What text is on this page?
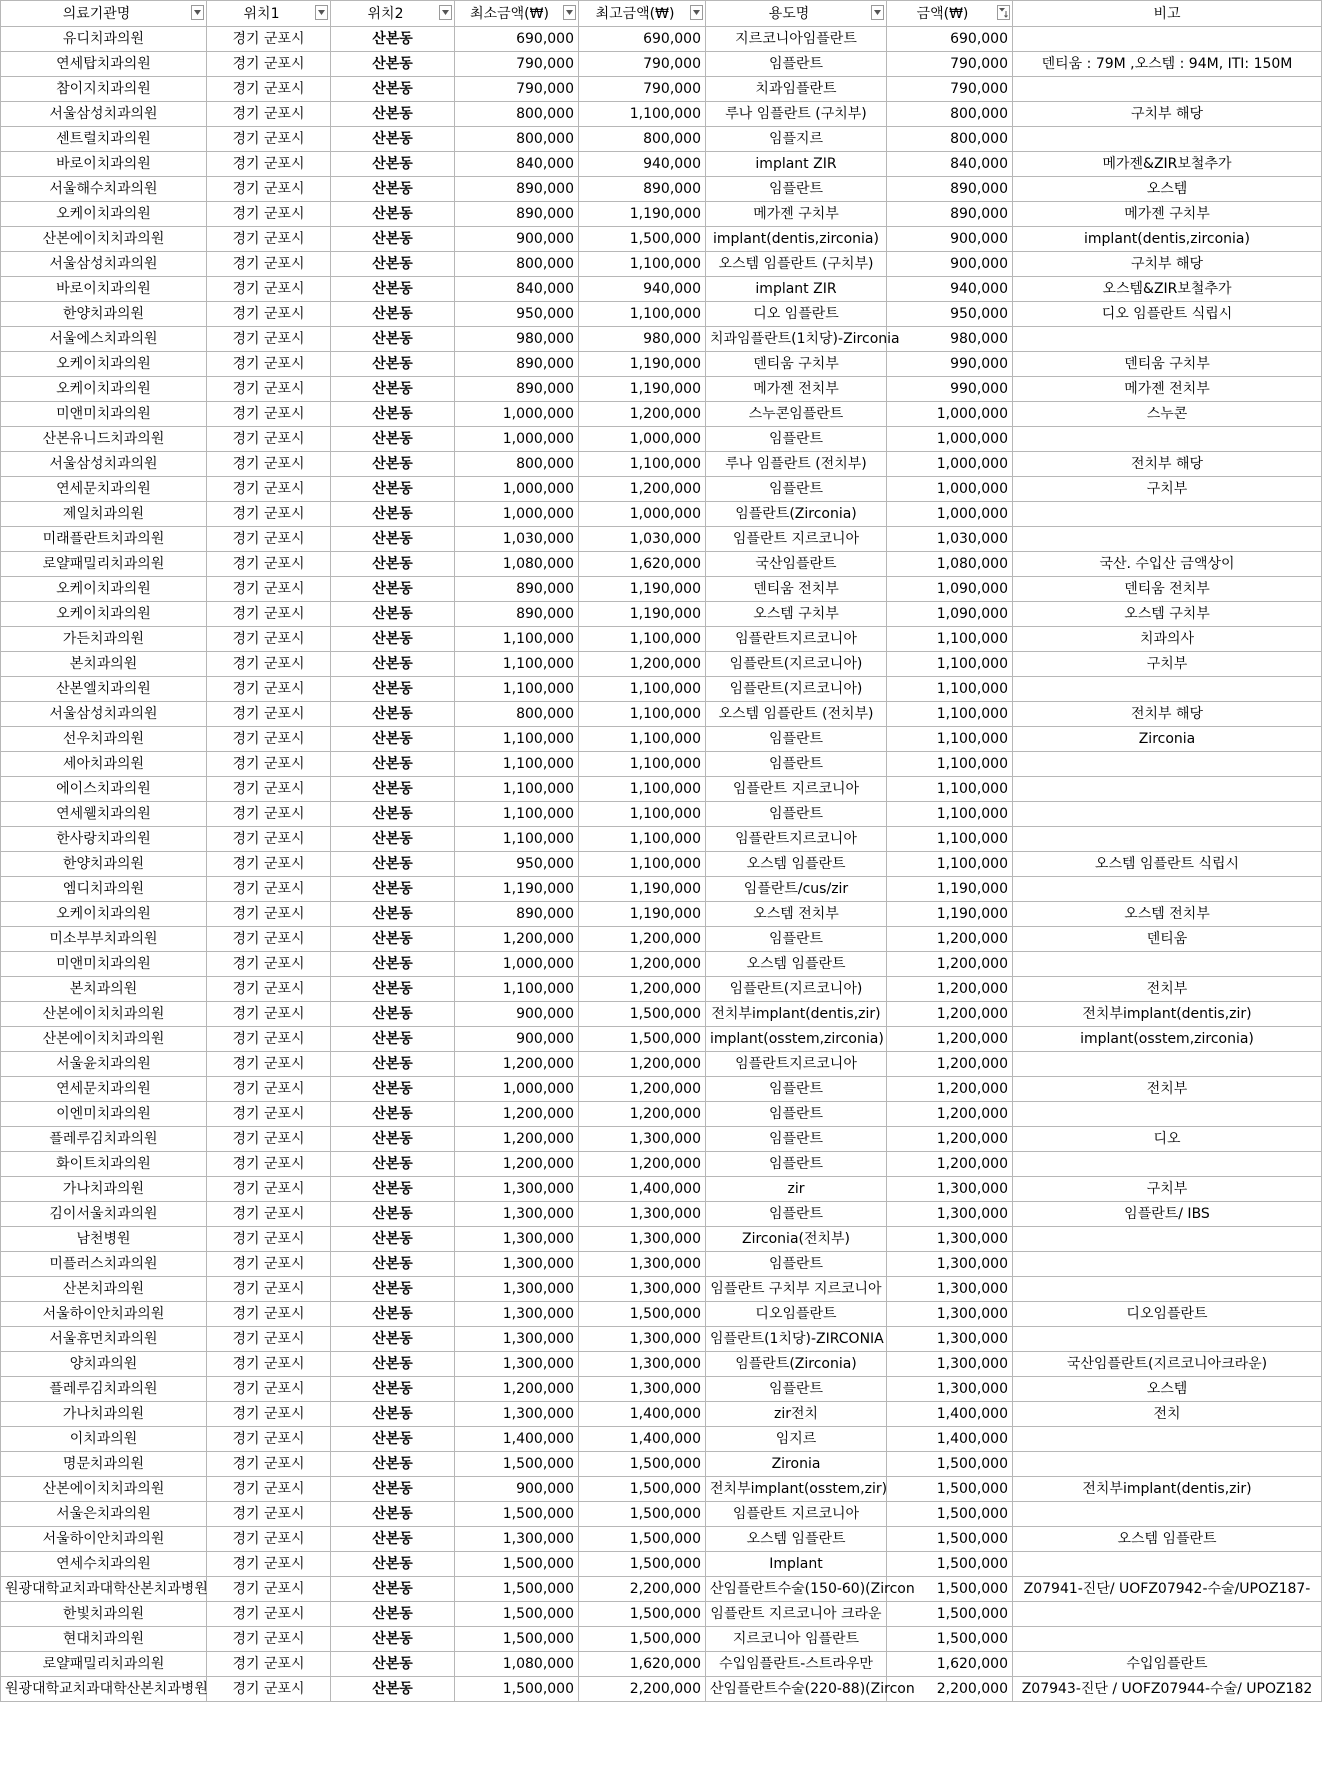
의료기관명	위치1	위치2	최소금액(₩)	최고금액(₩)	용도명	금액(₩)	비고
유디치과의원	경기 군포시	산본동	690,000	690,000	지르코니아임플란트	690,000	
연세탑치과의원	경기 군포시	산본동	790,000	790,000	임플란트	790,000	덴티움 : 79M ,오스템 : 94M, ITI: 150M
참이지치과의원	경기 군포시	산본동	790,000	790,000	치과임플란트	790,000	
서울삼성치과의원	경기 군포시	산본동	800,000	1,100,000	루나 임플란트 (구치부)	800,000	구치부 해당
센트럴치과의원	경기 군포시	산본동	800,000	800,000	임플지르	800,000	
바로이치과의원	경기 군포시	산본동	840,000	940,000	implant ZIR	840,000	메가젠&ZIR보철추가
서울해수치과의원	경기 군포시	산본동	890,000	890,000	임플란트	890,000	오스템
오케이치과의원	경기 군포시	산본동	890,000	1,190,000	메가젠 구치부	890,000	메가젠 구치부
산본에이치치과의원	경기 군포시	산본동	900,000	1,500,000	implant(dentis,zirconia)	900,000	implant(dentis,zirconia)
서울삼성치과의원	경기 군포시	산본동	800,000	1,100,000	오스템 임플란트 (구치부)	900,000	구치부 해당
바로이치과의원	경기 군포시	산본동	840,000	940,000	implant ZIR	940,000	오스템&ZIR보철추가
한양치과의원	경기 군포시	산본동	950,000	1,100,000	디오 임플란트	950,000	디오 임플란트 식립시
서울에스치과의원	경기 군포시	산본동	980,000	980,000	치과임플란트(1치당)-Zirconia	980,000	
오케이치과의원	경기 군포시	산본동	890,000	1,190,000	덴티움 구치부	990,000	덴티움 구치부
오케이치과의원	경기 군포시	산본동	890,000	1,190,000	메가젠 전치부	990,000	메가젠 전치부
미앤미치과의원	경기 군포시	산본동	1,000,000	1,200,000	스누콘임플란트	1,000,000	스누콘
산본유니드치과의원	경기 군포시	산본동	1,000,000	1,000,000	임플란트	1,000,000	
서울삼성치과의원	경기 군포시	산본동	800,000	1,100,000	루나 임플란트 (전치부)	1,000,000	전치부 해당
연세문치과의원	경기 군포시	산본동	1,000,000	1,200,000	임플란트	1,000,000	구치부
제일치과의원	경기 군포시	산본동	1,000,000	1,000,000	임플란트(Zirconia)	1,000,000	
미래플란트치과의원	경기 군포시	산본동	1,030,000	1,030,000	임플란트 지르코니아	1,030,000	
로얄패밀리치과의원	경기 군포시	산본동	1,080,000	1,620,000	국산임플란트	1,080,000	국산. 수입산 금액상이
오케이치과의원	경기 군포시	산본동	890,000	1,190,000	덴티움 전치부	1,090,000	덴티움 전치부
오케이치과의원	경기 군포시	산본동	890,000	1,190,000	오스템 구치부	1,090,000	오스템 구치부
가든치과의원	경기 군포시	산본동	1,100,000	1,100,000	임플란트지르코니아	1,100,000	치과의사
본치과의원	경기 군포시	산본동	1,100,000	1,200,000	임플란트(지르코니아)	1,100,000	구치부
산본엘치과의원	경기 군포시	산본동	1,100,000	1,100,000	임플란트(지르코니아)	1,100,000	
서울삼성치과의원	경기 군포시	산본동	800,000	1,100,000	오스템 임플란트 (전치부)	1,100,000	전치부 해당
선우치과의원	경기 군포시	산본동	1,100,000	1,100,000	임플란트	1,100,000	Zirconia
세아치과의원	경기 군포시	산본동	1,100,000	1,100,000	임플란트	1,100,000	
에이스치과의원	경기 군포시	산본동	1,100,000	1,100,000	임플란트 지르코니아	1,100,000	
연세웰치과의원	경기 군포시	산본동	1,100,000	1,100,000	임플란트	1,100,000	
한사랑치과의원	경기 군포시	산본동	1,100,000	1,100,000	임플란트지르코니아	1,100,000	
한양치과의원	경기 군포시	산본동	950,000	1,100,000	오스템 임플란트	1,100,000	오스템 임플란트 식립시
엠디치과의원	경기 군포시	산본동	1,190,000	1,190,000	임플란트/cus/zir	1,190,000	
오케이치과의원	경기 군포시	산본동	890,000	1,190,000	오스템 전치부	1,190,000	오스템 전치부
미소부부치과의원	경기 군포시	산본동	1,200,000	1,200,000	임플란트	1,200,000	덴티움
미앤미치과의원	경기 군포시	산본동	1,000,000	1,200,000	오스템 임플란트	1,200,000	
본치과의원	경기 군포시	산본동	1,100,000	1,200,000	임플란트(지르코니아)	1,200,000	전치부
산본에이치치과의원	경기 군포시	산본동	900,000	1,500,000	전치부implant(dentis,zir)	1,200,000	전치부implant(dentis,zir)
산본에이치치과의원	경기 군포시	산본동	900,000	1,500,000	implant(osstem,zirconia)	1,200,000	implant(osstem,zirconia)
서울윤치과의원	경기 군포시	산본동	1,200,000	1,200,000	임플란트지르코니아	1,200,000	
연세문치과의원	경기 군포시	산본동	1,000,000	1,200,000	임플란트	1,200,000	전치부
이엔미치과의원	경기 군포시	산본동	1,200,000	1,200,000	임플란트	1,200,000	
플레루김치과의원	경기 군포시	산본동	1,200,000	1,300,000	임플란트	1,200,000	디오
화이트치과의원	경기 군포시	산본동	1,200,000	1,200,000	임플란트	1,200,000	
가나치과의원	경기 군포시	산본동	1,300,000	1,400,000	zir	1,300,000	구치부
김이서울치과의원	경기 군포시	산본동	1,300,000	1,300,000	임플란트	1,300,000	임플란트/ IBS
남천병원	경기 군포시	산본동	1,300,000	1,300,000	Zirconia(전치부)	1,300,000	
미플러스치과의원	경기 군포시	산본동	1,300,000	1,300,000	임플란트	1,300,000	
산본치과의원	경기 군포시	산본동	1,300,000	1,300,000	임플란트 구치부 지르코니아	1,300,000	
서울하이안치과의원	경기 군포시	산본동	1,300,000	1,500,000	디오임플란트	1,300,000	디오임플란트
서울휴먼치과의원	경기 군포시	산본동	1,300,000	1,300,000	임플란트(1치당)-ZIRCONIA	1,300,000	
양치과의원	경기 군포시	산본동	1,300,000	1,300,000	임플란트(Zirconia)	1,300,000	국산임플란트(지르코니아크라운)
플레루김치과의원	경기 군포시	산본동	1,200,000	1,300,000	임플란트	1,300,000	오스템
가나치과의원	경기 군포시	산본동	1,300,000	1,400,000	zir전치	1,400,000	전치
이치과의원	경기 군포시	산본동	1,400,000	1,400,000	임지르	1,400,000	
명문치과의원	경기 군포시	산본동	1,500,000	1,500,000	Zironia	1,500,000	
산본에이치치과의원	경기 군포시	산본동	900,000	1,500,000	전치부implant(osstem,zir)	1,500,000	전치부implant(dentis,zir)
서울은치과의원	경기 군포시	산본동	1,500,000	1,500,000	임플란트 지르코니아	1,500,000	
서울하이안치과의원	경기 군포시	산본동	1,300,000	1,500,000	오스템 임플란트	1,500,000	오스템 임플란트
연세수치과의원	경기 군포시	산본동	1,500,000	1,500,000	Implant	1,500,000	
원광대학교치과대학산본치과병원	경기 군포시	산본동	1,500,000	2,200,000	산임플란트수술(150-60)(Zircon	1,500,000	Z07941-진단/ UOFZ07942-수술/UPOZ187-
한빛치과의원	경기 군포시	산본동	1,500,000	1,500,000	임플란트 지르코니아 크라운	1,500,000	
현대치과의원	경기 군포시	산본동	1,500,000	1,500,000	지르코니아 임플란트	1,500,000	
로얄패밀리치과의원	경기 군포시	산본동	1,080,000	1,620,000	수입임플란트-스트라우만	1,620,000	수입임플란트
원광대학교치과대학산본치과병원	경기 군포시	산본동	1,500,000	2,200,000	산임플란트수술(220-88)(Zircon	2,200,000	Z07943-진단 / UOFZ07944-수술/ UPOZ182
